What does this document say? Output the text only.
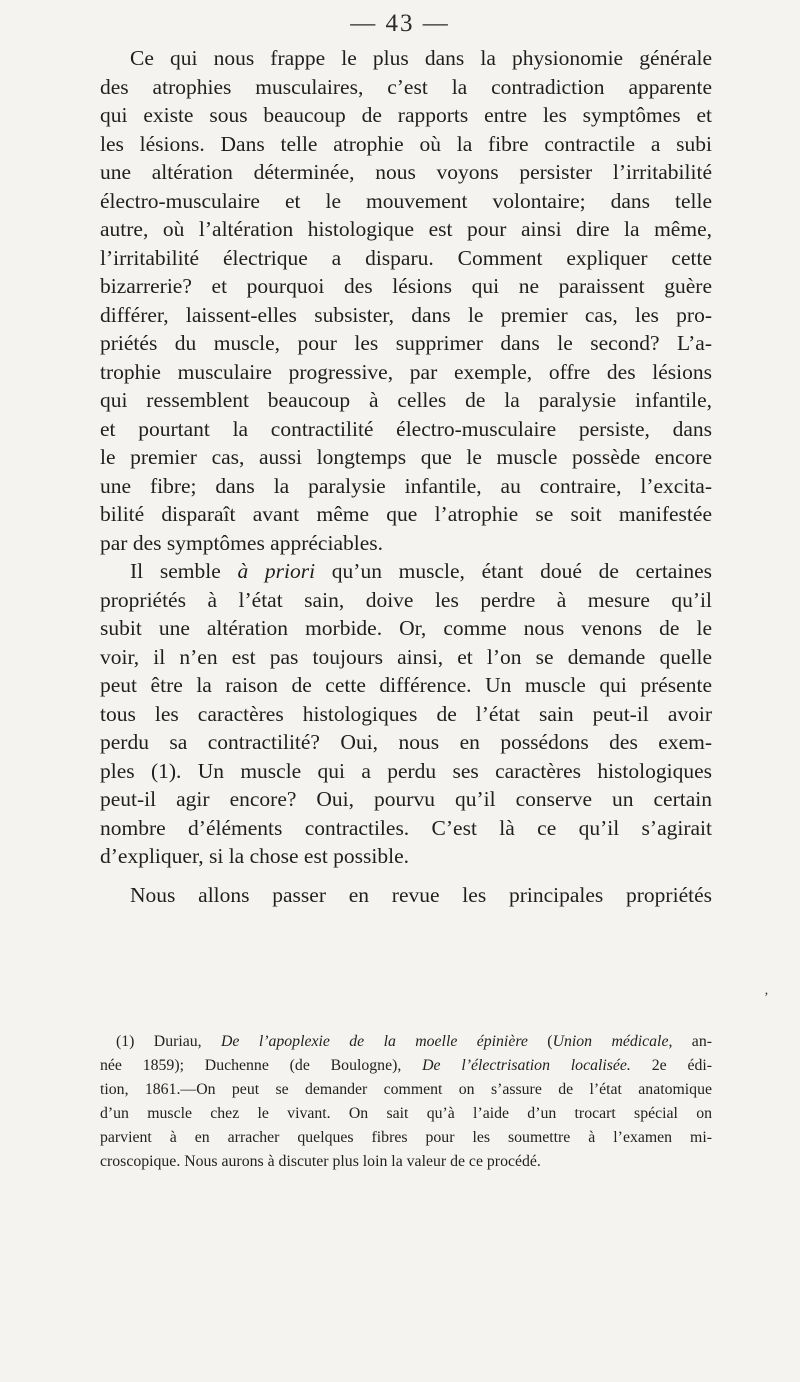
— 43 —
Ce qui nous frappe le plus dans la physionomie générale
des atrophies musculaires, c’est la contradiction apparente
qui existe sous beaucoup de rapports entre les symptômes et
les lésions. Dans telle atrophie où la fibre contractile a subi
une altération déterminée, nous voyons persister l’irritabilité
électro-musculaire et le mouvement volontaire; dans telle
autre, où l’altération histologique est pour ainsi dire la même,
l’irritabilité électrique a disparu. Comment expliquer cette
bizarrerie? et pourquoi des lésions qui ne paraissent guère
différer, laissent-elles subsister, dans le premier cas, les pro-
priétés du muscle, pour les supprimer dans le second? L’a-
trophie musculaire progressive, par exemple, offre des lésions
qui ressemblent beaucoup à celles de la paralysie infantile,
et pourtant la contractilité électro-musculaire persiste, dans
le premier cas, aussi longtemps que le muscle possède encore
une fibre; dans la paralysie infantile, au contraire, l’excita-
bilité disparaît avant même que l’atrophie se soit manifestée
par des symptômes appréciables.
Il semble à priori qu’un muscle, étant doué de certaines
propriétés à l’état sain, doive les perdre à mesure qu’il
subit une altération morbide. Or, comme nous venons de le
voir, il n’en est pas toujours ainsi, et l’on se demande quelle
peut être la raison de cette différence. Un muscle qui présente
tous les caractères histologiques de l’état sain peut-il avoir
perdu sa contractilité? Oui, nous en possédons des exem-
ples (1). Un muscle qui a perdu ses caractères histologiques
peut-il agir encore? Oui, pourvu qu’il conserve un certain
nombre d’éléments contractiles. C’est là ce qu’il s’agirait
d’expliquer, si la chose est possible.
Nous allons passer en revue les principales propriétés
‚
(1) Duriau, De l’apoplexie de la moelle épinière (Union médicale, an-
née 1859); Duchenne (de Boulogne), De l’électrisation localisée. 2e édi-
tion, 1861.—On peut se demander comment on s’assure de l’état anatomique
d’un muscle chez le vivant. On sait qu’à l’aide d’un trocart spécial on
parvient à en arracher quelques fibres pour les soumettre à l’examen mi-
croscopique. Nous aurons à discuter plus loin la valeur de ce procédé.
